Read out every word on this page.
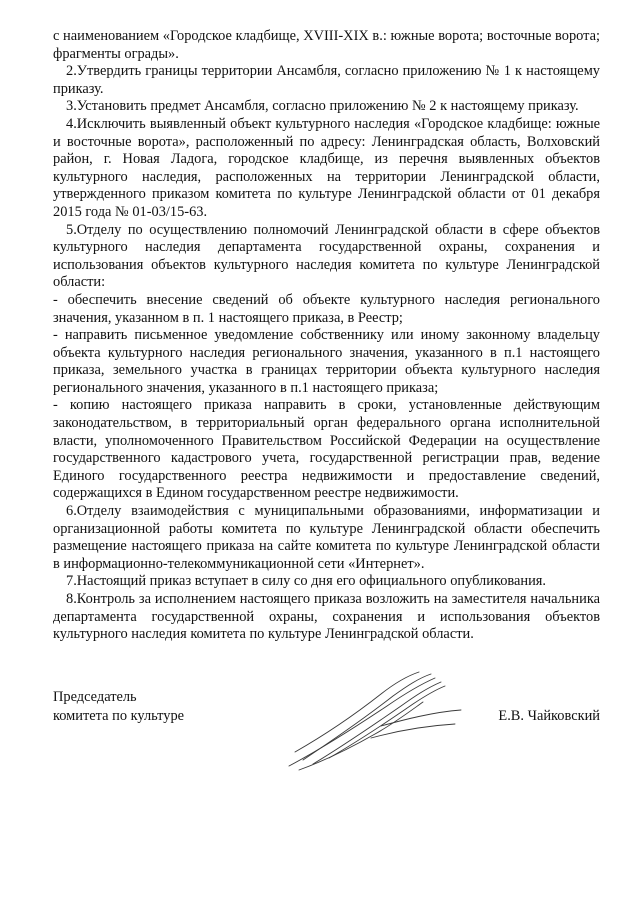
с наименованием «Городское кладбище, XVIII-XIX в.: южные ворота; восточные ворота; фрагменты ограды».

2.Утвердить границы территории Ансамбля, согласно приложению № 1 к настоящему приказу.

3.Установить предмет Ансамбля, согласно приложению № 2 к настоящему приказу.

4.Исключить выявленный объект культурного наследия «Городское кладбище: южные и восточные ворота», расположенный по адресу: Ленинградская область, Волховский район, г. Новая Ладога, городское кладбище, из перечня выявленных объектов культурного наследия, расположенных на территории Ленинградской области, утвержденного приказом комитета по культуре Ленинградской области от 01 декабря 2015 года № 01-03/15-63.

5.Отделу по осуществлению полномочий Ленинградской области в сфере объектов культурного наследия департамента государственной охраны, сохранения и использования объектов культурного наследия комитета по культуре Ленинградской области:

- обеспечить внесение сведений об объекте культурного наследия регионального значения, указанном в п. 1 настоящего приказа, в Реестр;

- направить письменное уведомление собственнику или иному законному владельцу объекта культурного наследия регионального значения, указанного в п.1 настоящего приказа, земельного участка в границах территории объекта культурного наследия регионального значения, указанного в п.1 настоящего приказа;

- копию настоящего приказа направить в сроки, установленные действующим законодательством, в территориальный орган федерального органа исполнительной власти, уполномоченного Правительством Российской Федерации на осуществление государственного кадастрового учета, государственной регистрации прав, ведение Единого государственного реестра недвижимости и предоставление сведений, содержащихся в Едином государственном реестре недвижимости.

6.Отделу взаимодействия с муниципальными образованиями, информатизации и организационной работы комитета по культуре Ленинградской области обеспечить размещение настоящего приказа на сайте комитета по культуре Ленинградской области в информационно-телекоммуникационной сети «Интернет».

7.Настоящий приказ вступает в силу со дня его официального опубликования.

8.Контроль за исполнением настоящего приказа возложить на заместителя начальника департамента государственной охраны, сохранения и использования объектов культурного наследия комитета по культуре Ленинградской области.

Председатель
комитета по культуре	Е.В. Чайковский
